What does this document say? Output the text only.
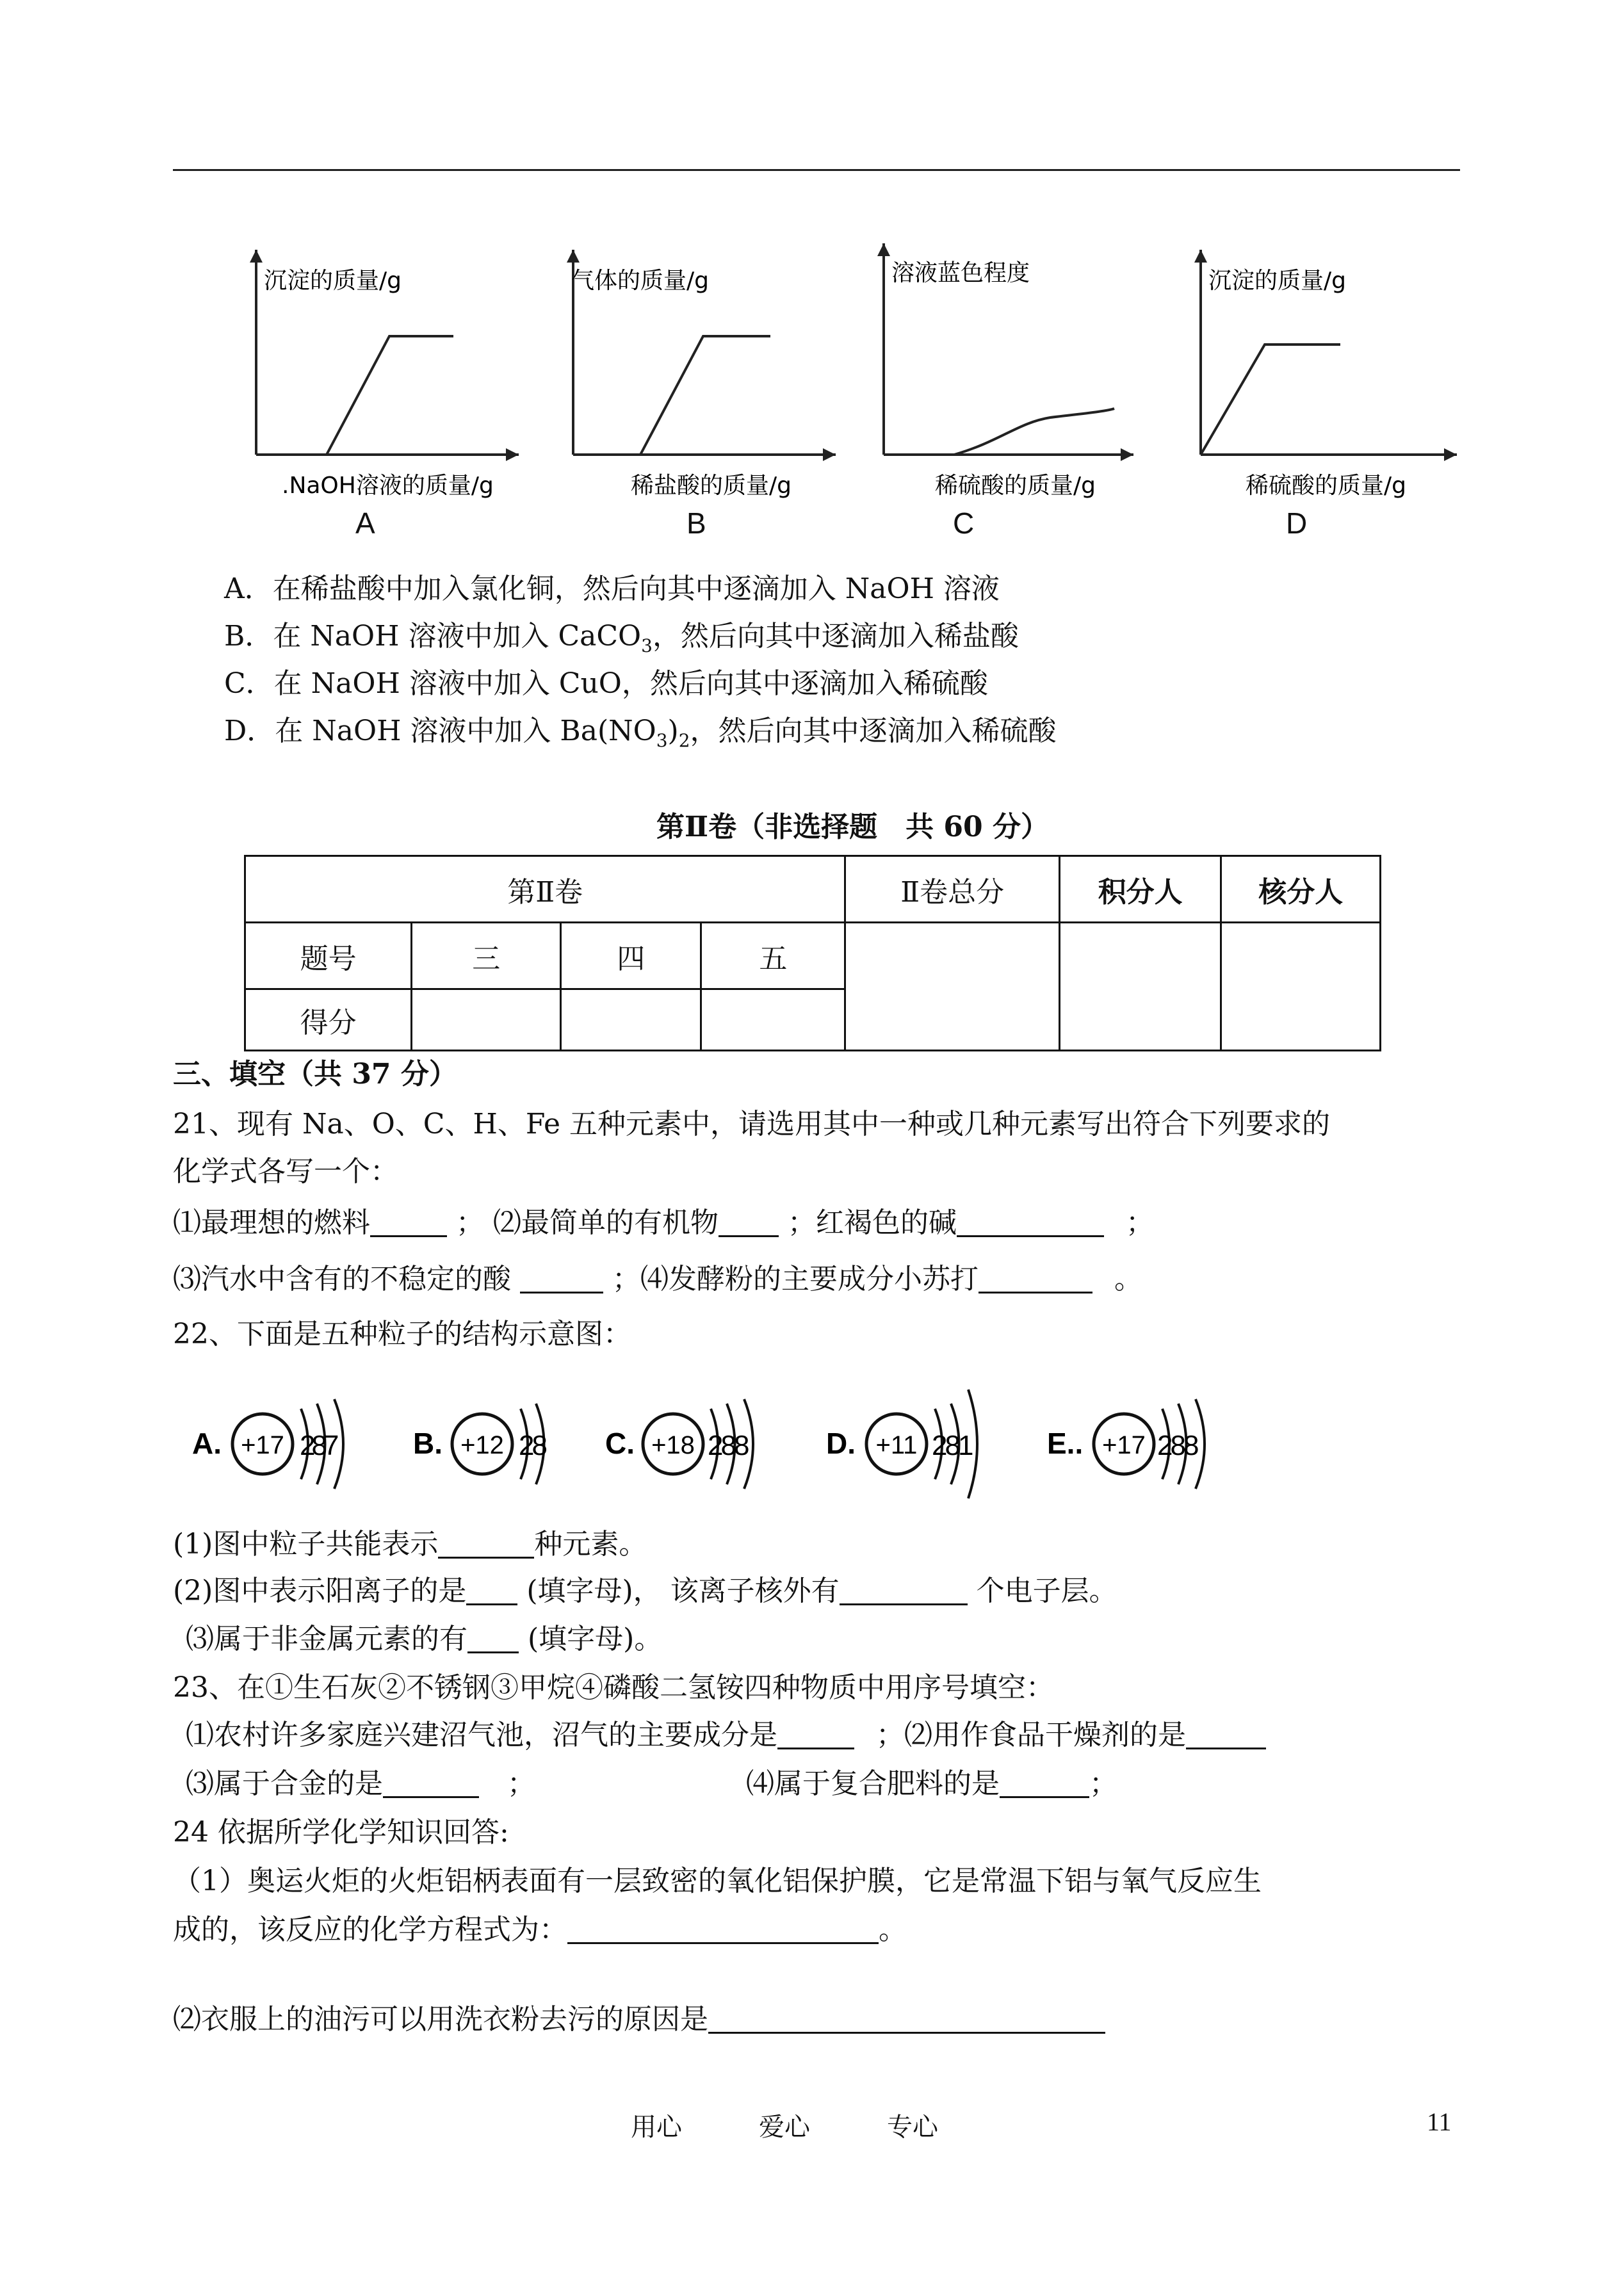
沉淀的质量/g
.NaOH溶液的质量/g
A
气体的质量/g
稀盐酸的质量/g
B
溶液蓝色程度
稀硫酸的质量/g
C
沉淀的质量/g
稀硫酸的质量/g
D
A．在稀盐酸中加入氯化铜，然后向其中逐滴加入 NaOH 溶液
B．在 NaOH 溶液中加入 CaCO$_3$，然后向其中逐滴加入稀盐酸
C．在 NaOH 溶液中加入 CuO，然后向其中逐滴加入稀硫酸
D．在 NaOH 溶液中加入 $Ba(NO_3)_2$，然后向其中逐滴加入稀硫酸
第Ⅱ卷（非选择题　共 60 分）
第Ⅱ卷				Ⅱ卷总分	积分人	核分人
题号	三	四	五			
得分						
三、填空（共 37 分）
21、现有 Na、O、C、H、Fe 五种元素中，请选用其中一种或几种元素写出符合下列要求的
化学式各写一个：
⑴最理想的燃料	； ⑵最简单的有机物 ；红褐色的碱	；
⑶汽水中含有的不稳定的酸	；⑷发酵粉的主要成分小苏打	。
22、下面是五种粒子的结构示意图：
A. +17 287	B. +12 28 C. +18 288	D. +11 281	E.. +17 288
(1)图中粒子共能表示	种元素。
(2)图中表示阳离子的是 (填字母)， 该离子核外有	个电子层。
⑶属于非金属元素的有 (填字母)。
23、在①生石灰②不锈钢③甲烷④磷酸二氢铵四种物质中用序号填空：
⑴农村许多家庭兴建沼气池，沼气的主要成分是	；⑵用作食品干燥剂的是
⑶属于合金的是	；	⑷属于复合肥料的是	；
24 依据所学化学知识回答:
（1）奥运火炬的火炬铝柄表面有一层致密的氧化铝保护膜，它是常温下铝与氧气反应生
成的，该反应的化学方程式为：	。
⑵衣服上的油污可以用洗衣粉去污的原因是
用心	爱心	专心	11
